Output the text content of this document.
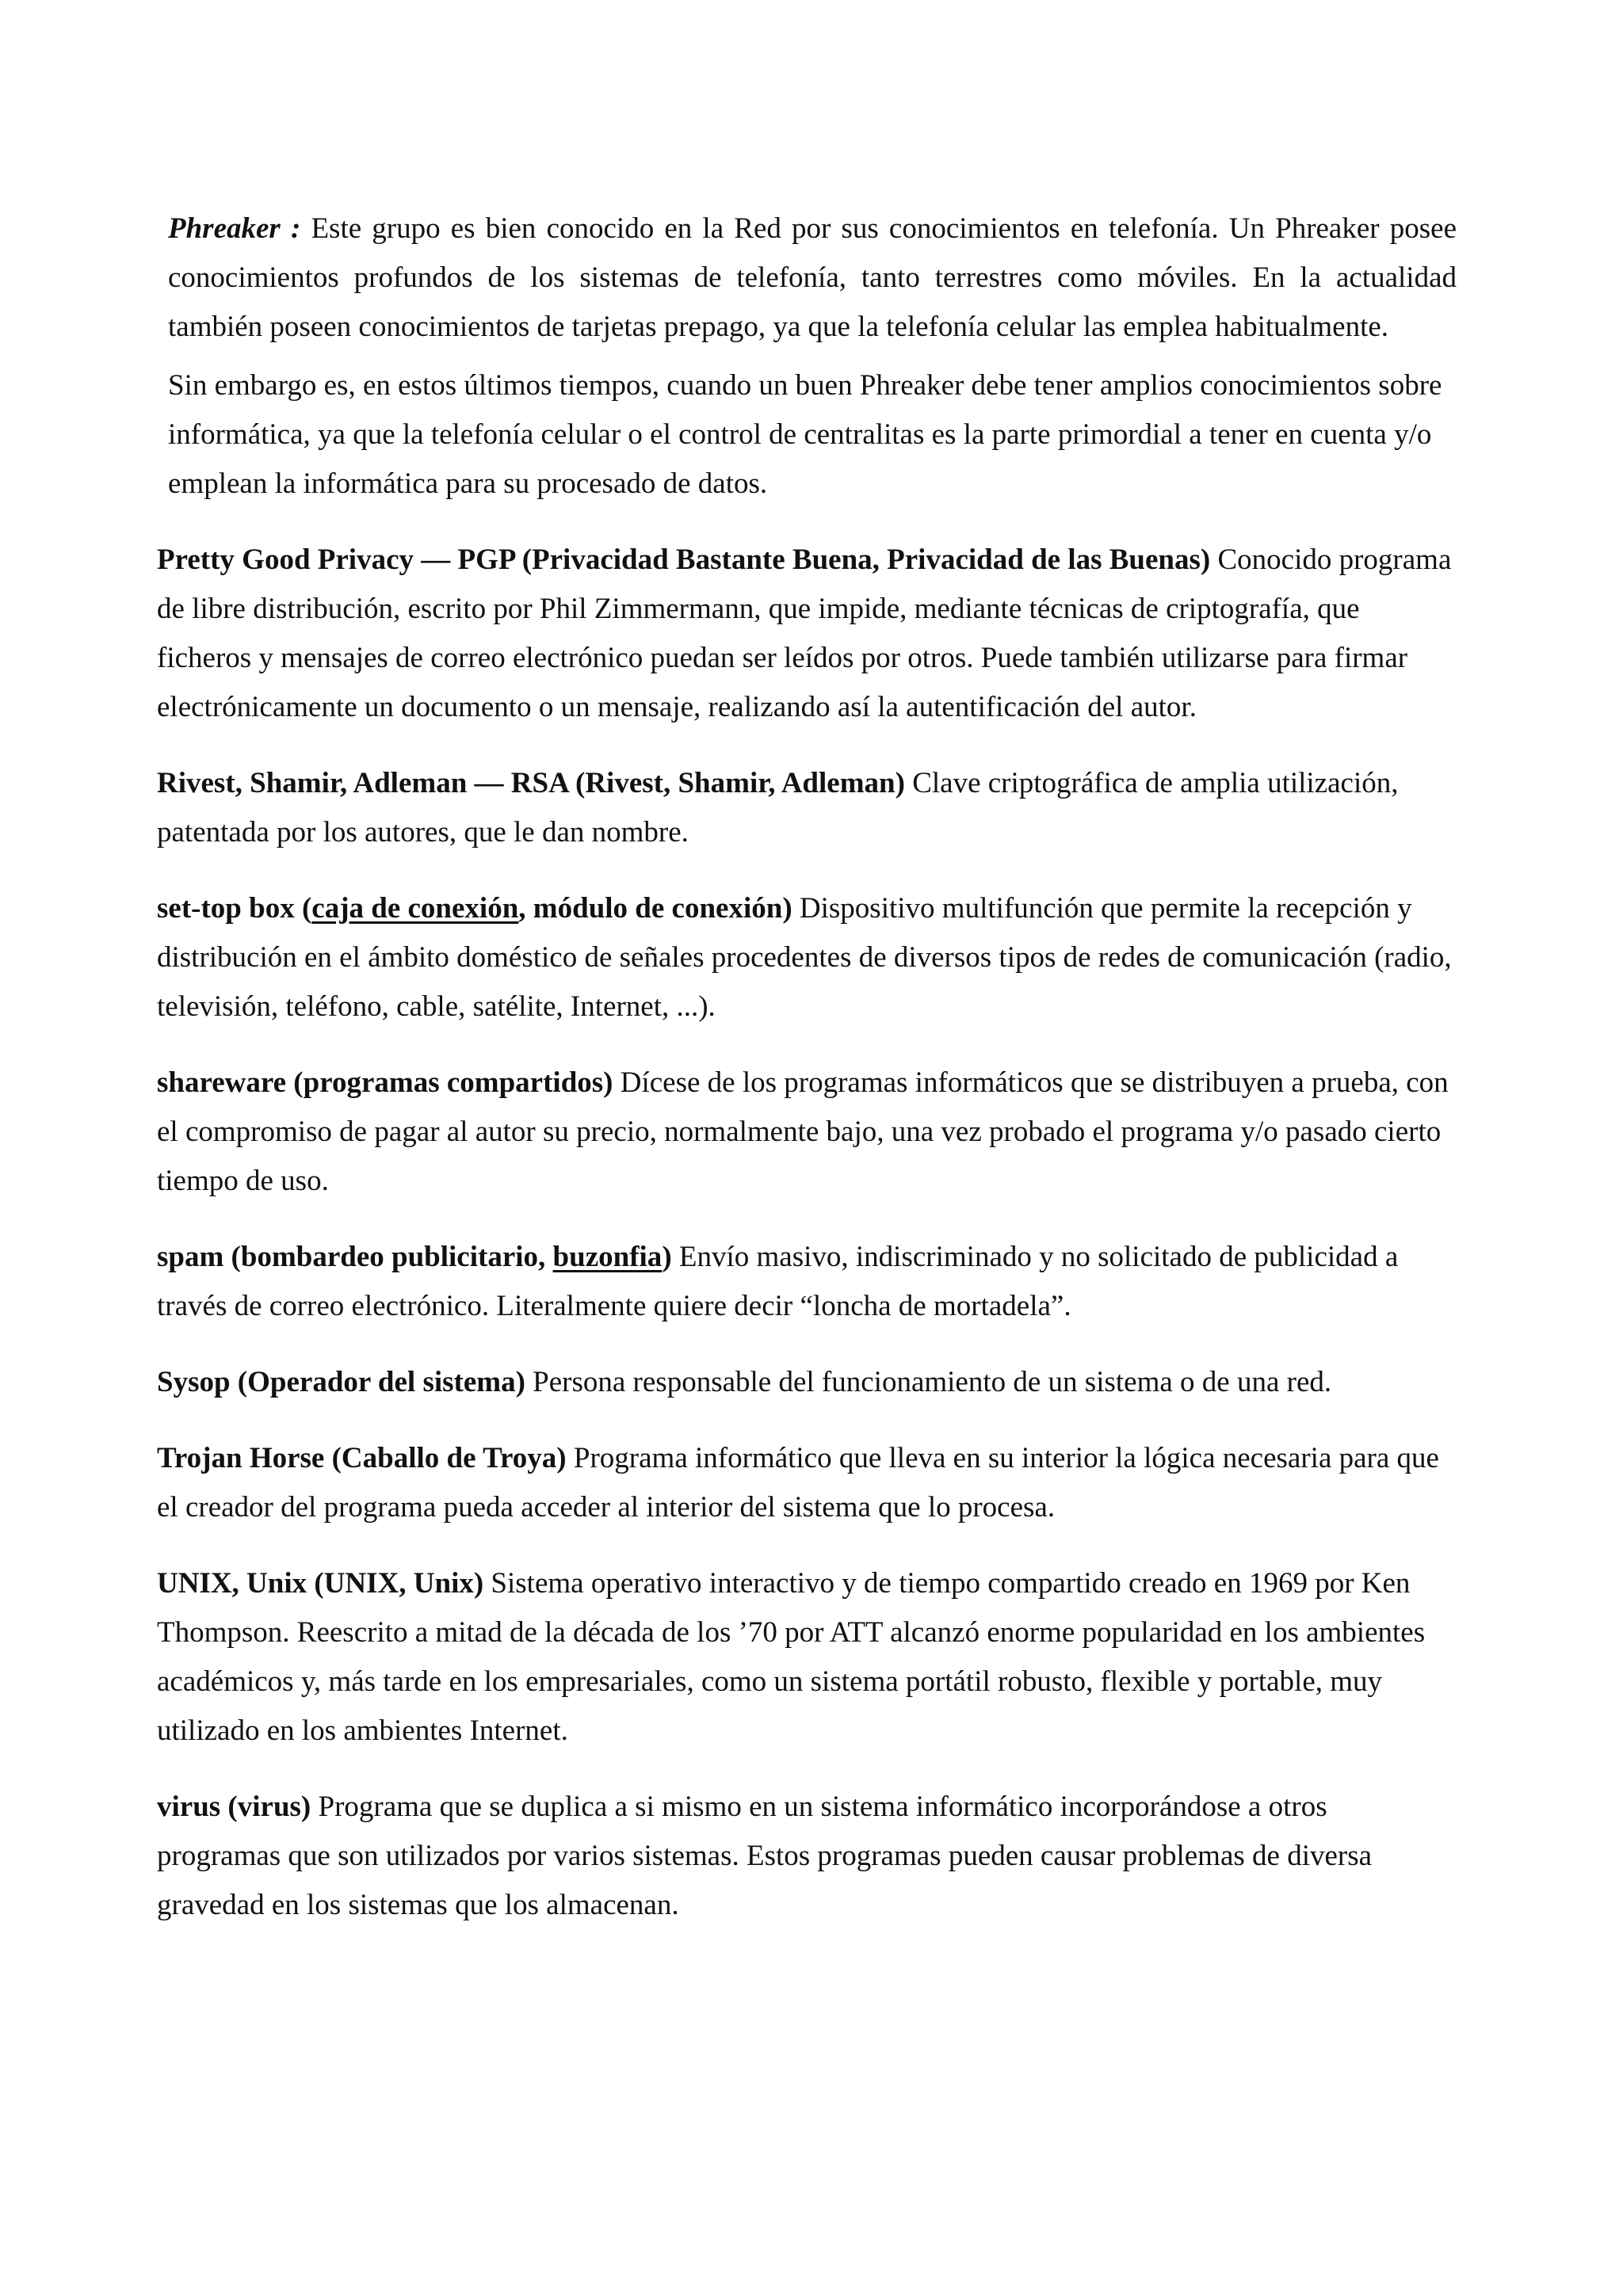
Phreaker : Este grupo es bien conocido en la Red por sus conocimientos en telefonía. Un Phreaker posee conocimientos profundos de los sistemas de telefonía, tanto terrestres como móviles. En la actualidad también poseen conocimientos de tarjetas prepago, ya que la telefonía celular las emplea habitualmente.

Sin embargo es, en estos últimos tiempos, cuando un buen Phreaker debe tener amplios conocimientos sobre informática, ya que la telefonía celular o el control de centralitas es la parte primordial a tener en cuenta y/o emplean la informática para su procesado de datos.

Pretty Good Privacy — PGP (Privacidad Bastante Buena, Privacidad de las Buenas) Conocido programa de libre distribución, escrito por Phil Zimmermann, que impide, mediante técnicas de criptografía, que ficheros y mensajes de correo electrónico puedan ser leídos por otros. Puede también utilizarse para firmar electrónicamente un documento o un mensaje, realizando así la autentificación del autor.

Rivest, Shamir, Adleman — RSA (Rivest, Shamir, Adleman) Clave criptográfica de amplia utilización, patentada por los autores, que le dan nombre.

set-top box (caja de conexión, módulo de conexión) Dispositivo multifunción que permite la recepción y distribución en el ámbito doméstico de señales procedentes de diversos tipos de redes de comunicación (radio, televisión, teléfono, cable, satélite, Internet, ...).

shareware (programas compartidos) Dícese de los programas informáticos que se distribuyen a prueba, con el compromiso de pagar al autor su precio, normalmente bajo, una vez probado el programa y/o pasado cierto tiempo de uso.

spam (bombardeo publicitario, buzonfia) Envío masivo, indiscriminado y no solicitado de publicidad a través de correo electrónico. Literalmente quiere decir “loncha de mortadela”.

Sysop (Operador del sistema) Persona responsable del funcionamiento de un sistema o de una red.

Trojan Horse (Caballo de Troya) Programa informático que lleva en su interior la lógica necesaria para que el creador del programa pueda acceder al interior del sistema que lo procesa.

UNIX, Unix (UNIX, Unix) Sistema operativo interactivo y de tiempo compartido creado en 1969 por Ken Thompson. Reescrito a mitad de la década de los ’70 por ATT alcanzó enorme popularidad en los ambientes académicos y, más tarde en los empresariales, como un sistema portátil robusto, flexible y portable, muy utilizado en los ambientes Internet.

virus (virus) Programa que se duplica a si mismo en un sistema informático incorporándose a otros programas que son utilizados por varios sistemas. Estos programas pueden causar problemas de diversa gravedad en los sistemas que los almacenan.
